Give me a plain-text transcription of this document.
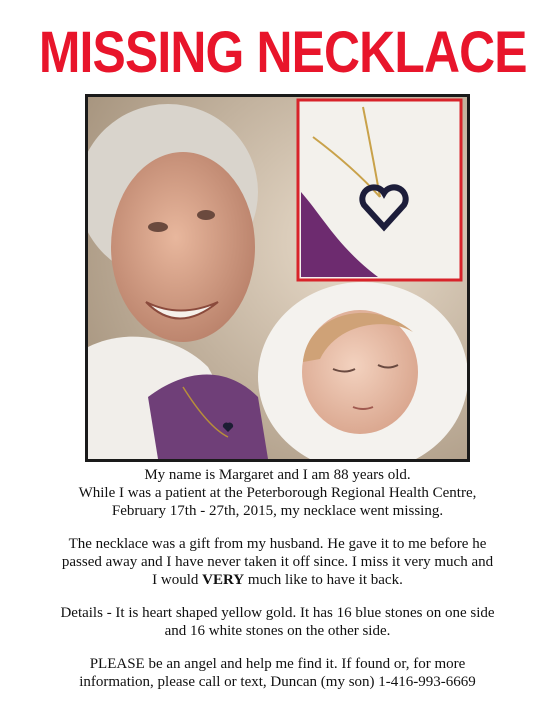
MISSING NECKLACE

My name is Margaret and I am 88 years old.
While I was a patient at the Peterborough Regional Health Centre,
February 17th - 27th, 2015, my necklace went missing.

The necklace was a gift from my husband. He gave it to me before he
passed away and I have never taken it off since. I miss it very much and
I would VERY much like to have it back.

Details - It is heart shaped yellow gold. It has 16 blue stones on one side
and 16 white stones on the other side.

PLEASE be an angel and help me find it. If found or, for more
information, please call or text, Duncan (my son) 1-416-993-6669
